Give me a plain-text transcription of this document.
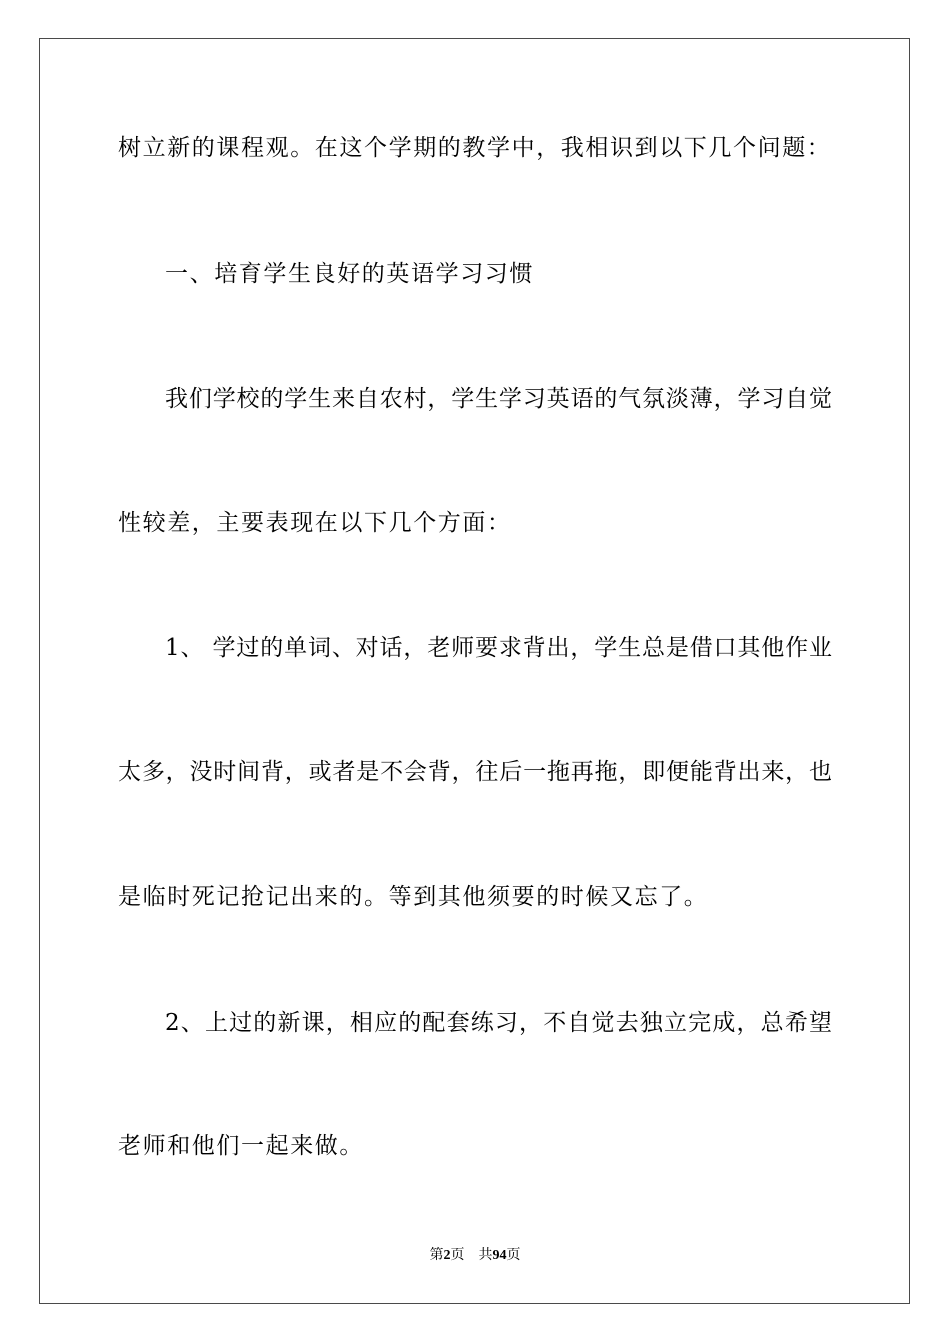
树立新的课程观。在这个学期的教学中，我相识到以下几个问题：
一、培育学生良好的英语学习习惯
我们学校的学生来自农村，学生学习英语的气氛淡薄，学习自觉
性较差，主要表现在以下几个方面：
1、 学过的单词、对话，老师要求背出，学生总是借口其他作业
太多，没时间背，或者是不会背，往后一拖再拖，即便能背出来，也
是临时死记抢记出来的。等到其他须要的时候又忘了。
2、上过的新课，相应的配套练习，不自觉去独立完成，总希望
老师和他们一起来做。
第2页 共94页
